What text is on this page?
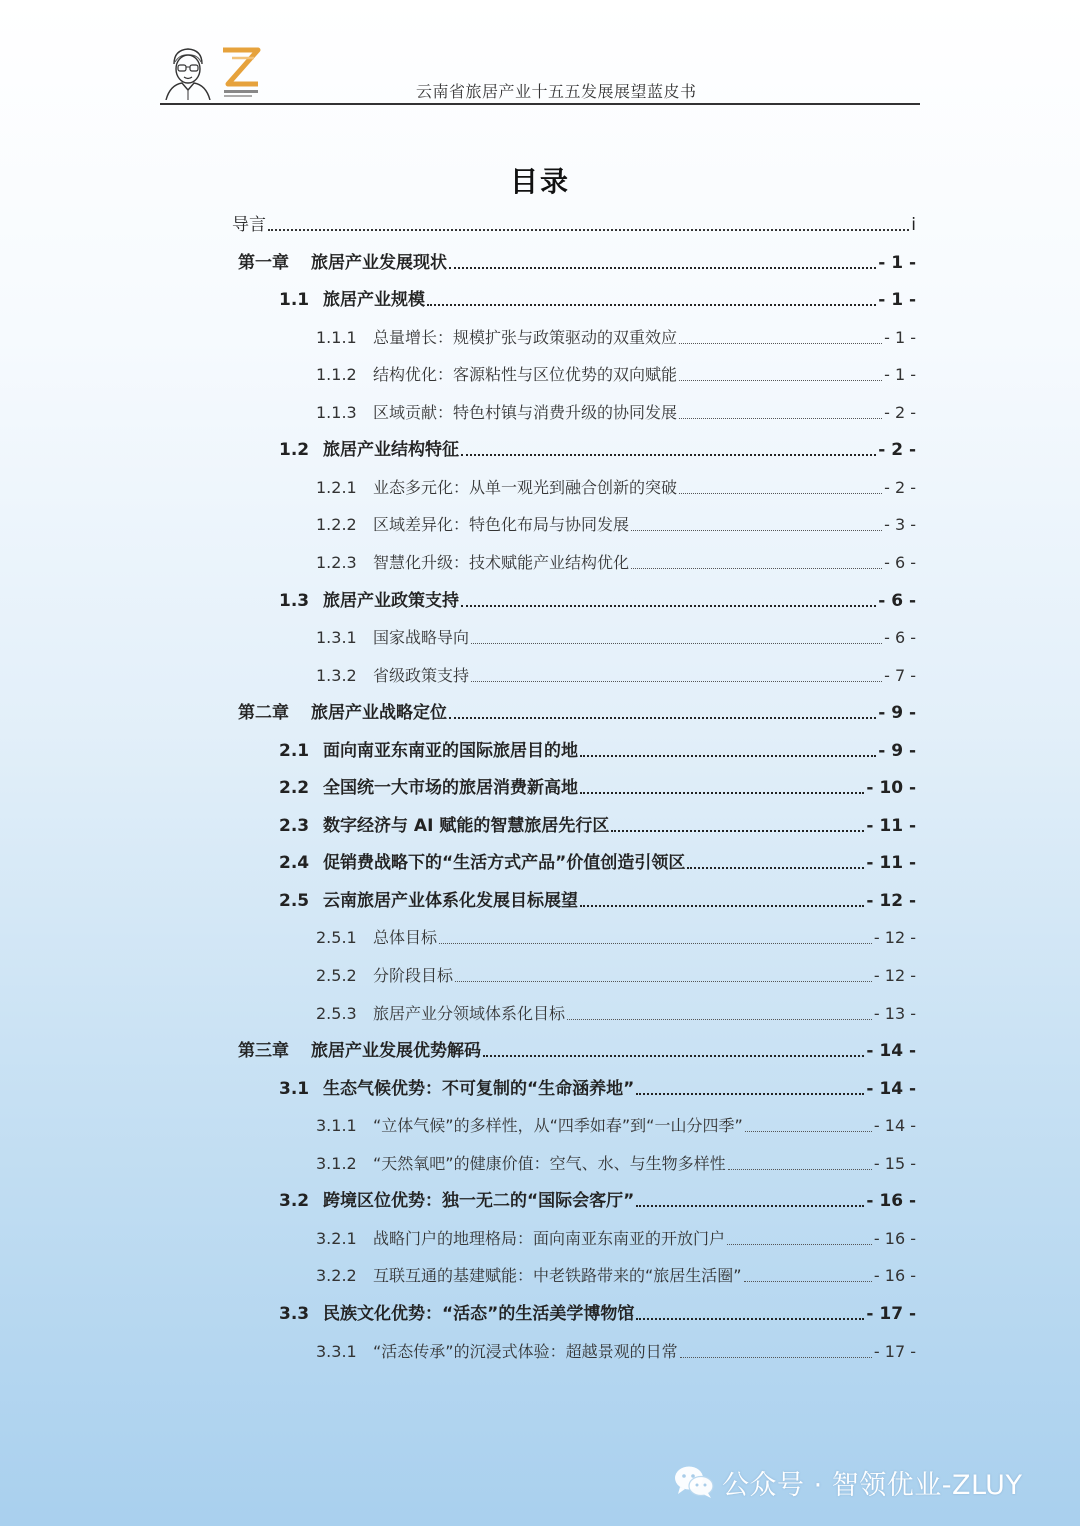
云南省旅居产业十五五发展展望蓝皮书
目录
导言	i
第一章	旅居产业发展现状	- 1 -
1.1 旅居产业规模	- 1 -
1.1.1	总量增长：规模扩张与政策驱动的双重效应	- 1 -
1.1.2	结构优化：客源粘性与区位优势的双向赋能	- 1 -
1.1.3	区域贡献：特色村镇与消费升级的协同发展	- 2 -
1.2 旅居产业结构特征	- 2 -
1.2.1	业态多元化：从单一观光到融合创新的突破	- 2 -
1.2.2	区域差异化：特色化布局与协同发展	- 3 -
1.2.3	智慧化升级：技术赋能产业结构优化	- 6 -
1.3 旅居产业政策支持	- 6 -
1.3.1	国家战略导向	- 6 -
1.3.2	省级政策支持	- 7 -
第二章	旅居产业战略定位	- 9 -
2.1 面向南亚东南亚的国际旅居目的地	- 9 -
2.2 全国统一大市场的旅居消费新高地	- 10 -
2.3 数字经济与 AI 赋能的智慧旅居先行区	- 11 -
2.4 促销费战略下的“生活方式产品”价值创造引领区	- 11 -
2.5 云南旅居产业体系化发展目标展望	- 12 -
2.5.1	总体目标	- 12 -
2.5.2	分阶段目标	- 12 -
2.5.3	旅居产业分领域体系化目标	- 13 -
第三章	旅居产业发展优势解码	- 14 -
3.1 生态气候优势：不可复制的“生命涵养地”	- 14 -
3.1.1	“立体气候”的多样性，从“四季如春”到“一山分四季”	- 14 -
3.1.2	“天然氧吧”的健康价值：空气、水、与生物多样性	- 15 -
3.2 跨境区位优势：独一无二的“国际会客厅”	- 16 -
3.2.1	战略门户的地理格局：面向南亚东南亚的开放门户	- 16 -
3.2.2	互联互通的基建赋能：中老铁路带来的“旅居生活圈”	- 16 -
3.3 民族文化优势：“活态”的生活美学博物馆	- 17 -
3.3.1	“活态传承”的沉浸式体验：超越景观的日常	- 17 -
公众号 · 智领优业-ZLUY
